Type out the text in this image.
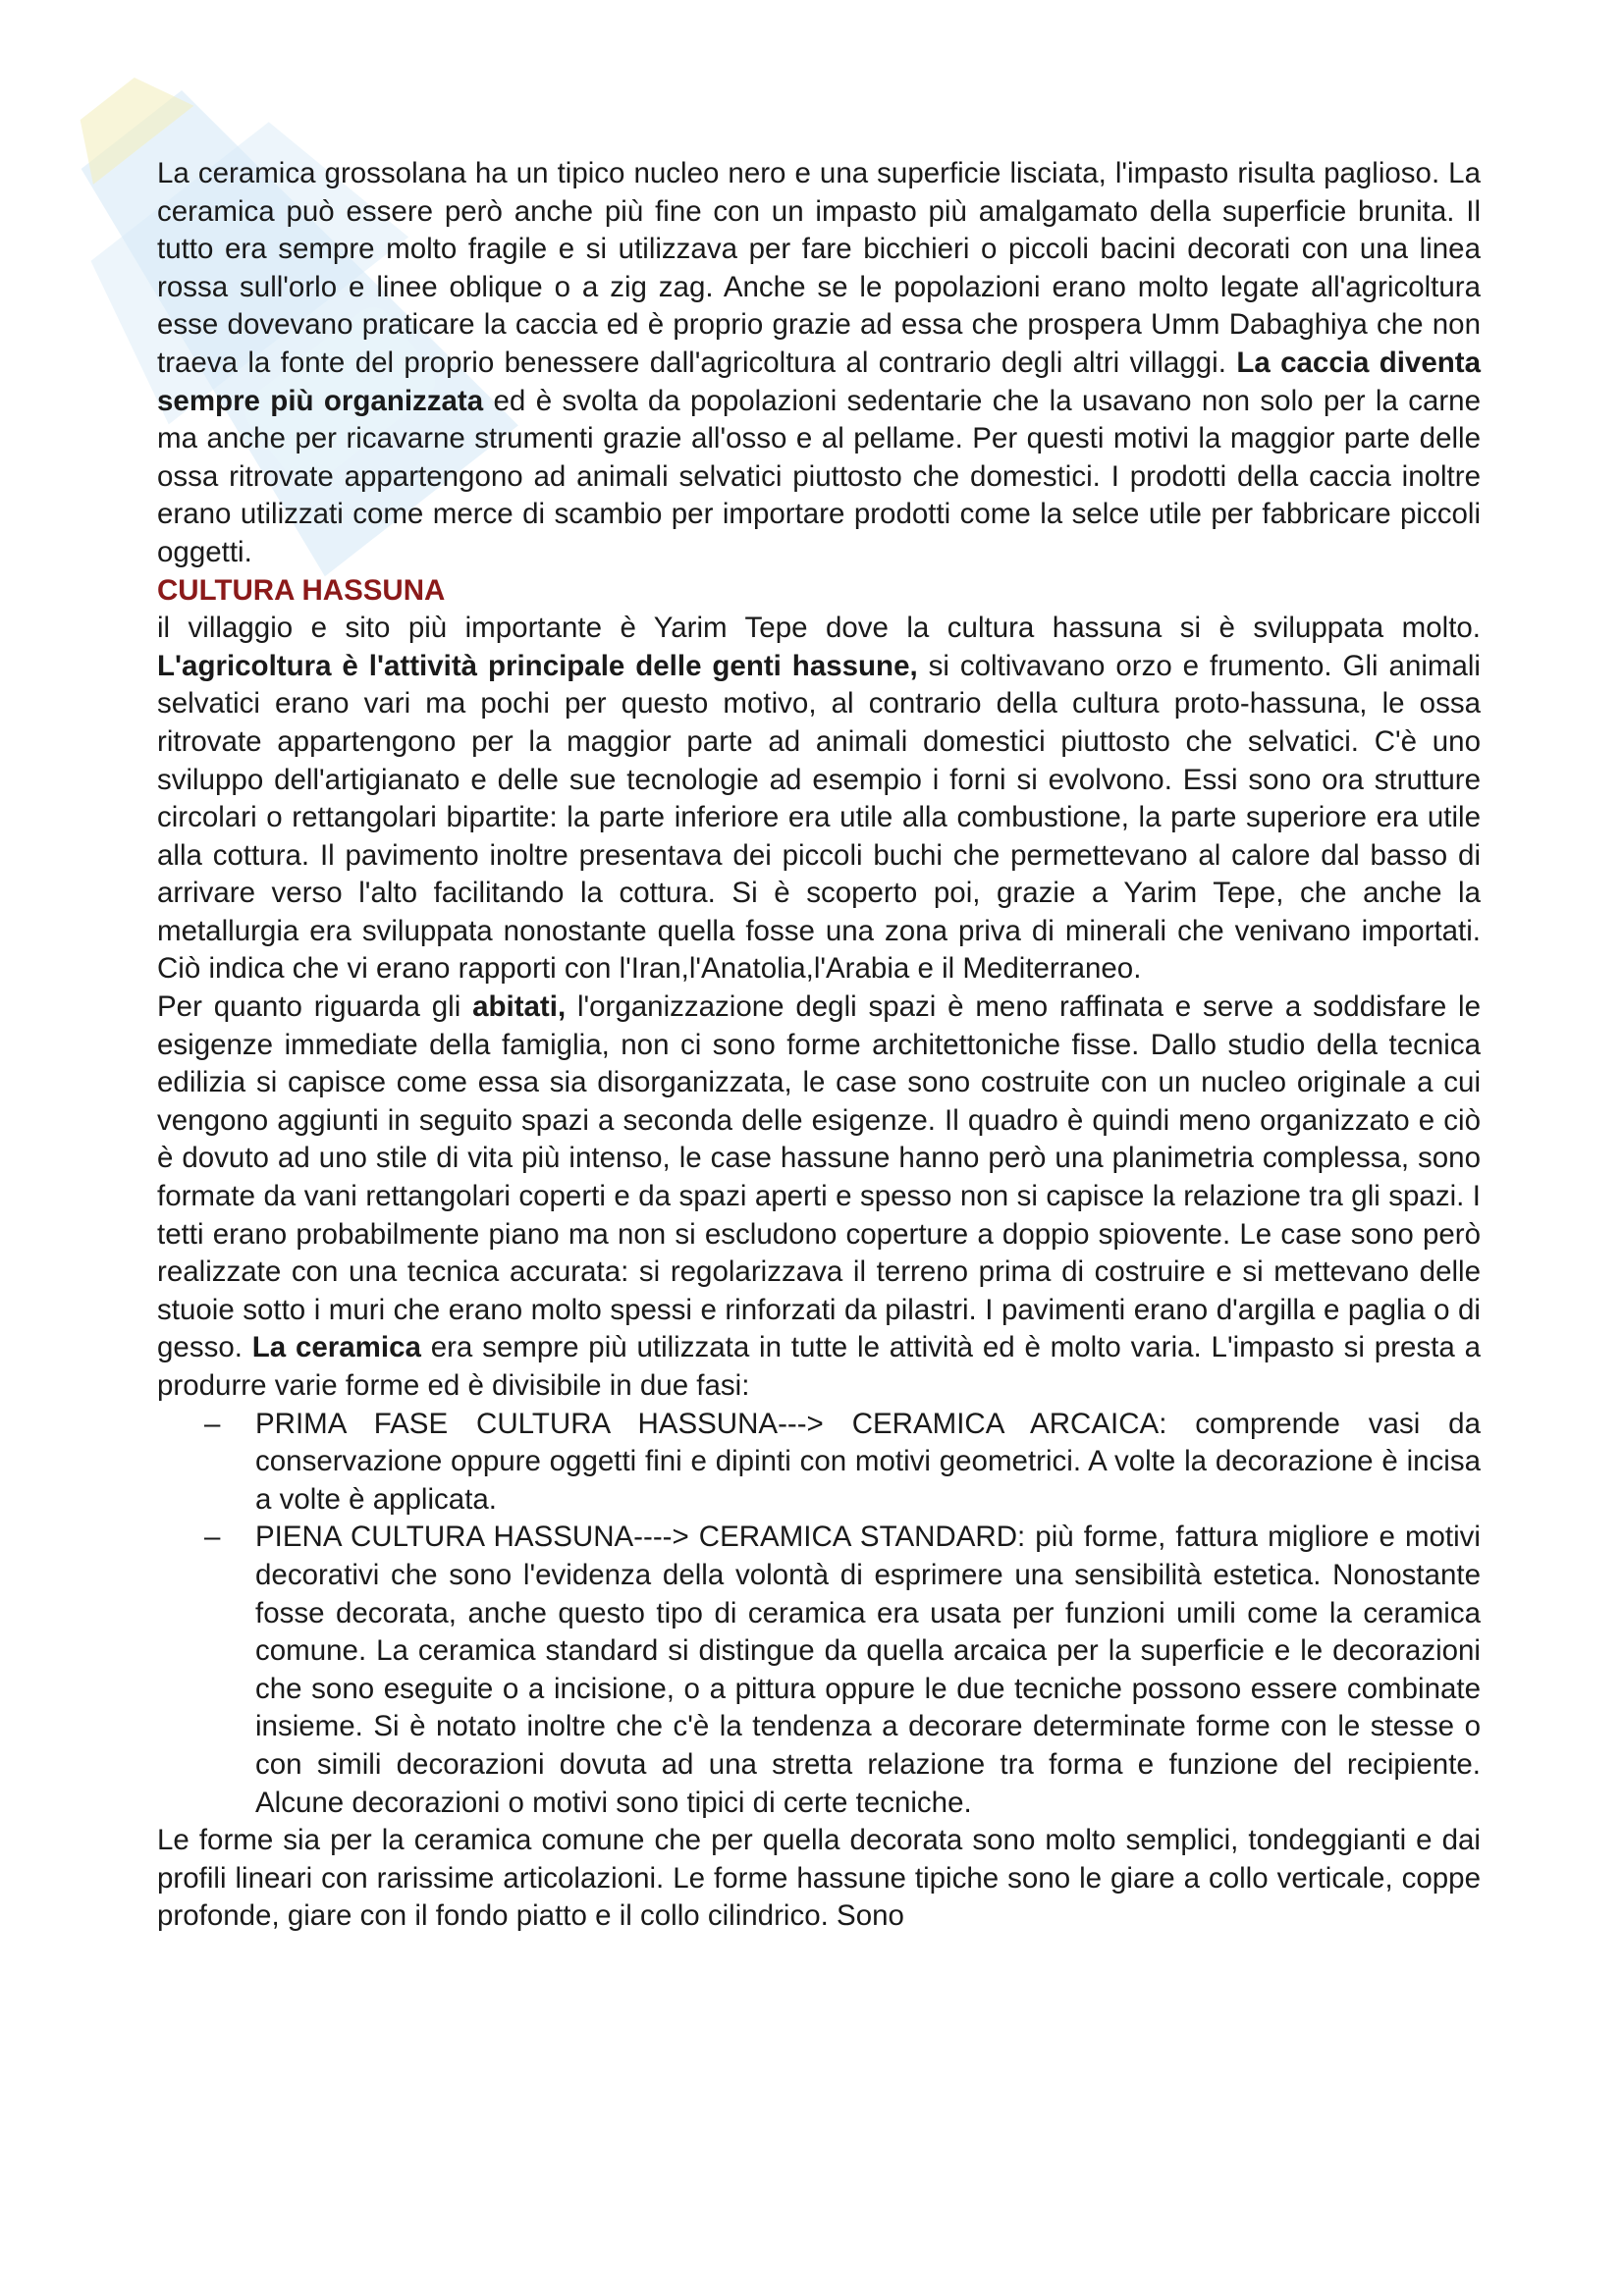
La ceramica grossolana ha un tipico nucleo nero e una superficie lisciata, l'impasto risulta paglioso. La ceramica può essere però anche più fine con un impasto più amalgamato della superficie brunita. Il tutto era sempre molto fragile e si utilizzava per fare bicchieri o piccoli bacini decorati con una linea rossa sull'orlo e linee oblique o a zig zag. Anche se le popolazioni erano molto legate all'agricoltura esse dovevano praticare la caccia ed è proprio grazie ad essa che prospera Umm Dabaghiya che non traeva la fonte del proprio benessere dall'agricoltura al contrario degli altri villaggi. La caccia diventa sempre più organizzata ed è svolta da popolazioni sedentarie che la usavano non solo per la carne ma anche per ricavarne strumenti grazie all'osso e al pellame. Per questi motivi la maggior parte delle ossa ritrovate appartengono ad animali selvatici piuttosto che domestici. I prodotti della caccia inoltre erano utilizzati come merce di scambio per importare prodotti come la selce utile per fabbricare piccoli oggetti.

CULTURA HASSUNA

il villaggio e sito più importante è Yarim Tepe dove la cultura hassuna si è sviluppata molto. L'agricoltura è l'attività principale delle genti hassune, si coltivavano orzo e frumento. Gli animali selvatici erano vari ma pochi per questo motivo, al contrario della cultura proto-hassuna, le ossa ritrovate appartengono per la maggior parte ad animali domestici piuttosto che selvatici. C'è uno sviluppo dell'artigianato e delle sue tecnologie ad esempio i forni si evolvono. Essi sono ora strutture circolari o rettangolari bipartite: la parte inferiore era utile alla combustione, la parte superiore era utile alla cottura. Il pavimento inoltre presentava dei piccoli buchi che permettevano al calore dal basso di arrivare verso l'alto facilitando la cottura. Si è scoperto poi, grazie a Yarim Tepe, che anche la metallurgia era sviluppata nonostante quella fosse una zona priva di minerali che venivano importati. Ciò indica che vi erano rapporti con l'Iran,l'Anatolia,l'Arabia e il Mediterraneo.

Per quanto riguarda gli abitati, l'organizzazione degli spazi è meno raffinata e serve a soddisfare le esigenze immediate della famiglia, non ci sono forme architettoniche fisse. Dallo studio della tecnica edilizia si capisce come essa sia disorganizzata, le case sono costruite con un nucleo originale a cui vengono aggiunti in seguito spazi a seconda delle esigenze. Il quadro è quindi meno organizzato e ciò è dovuto ad uno stile di vita più intenso, le case hassune hanno però una planimetria complessa, sono formate da vani rettangolari coperti e da spazi aperti e spesso non si capisce la relazione tra gli spazi. I tetti erano probabilmente piano ma non si escludono coperture a doppio spiovente. Le case sono però realizzate con una tecnica accurata: si regolarizzava il terreno prima di costruire e si mettevano delle stuoie sotto i muri che erano molto spessi e rinforzati da pilastri. I pavimenti erano d'argilla e paglia o di gesso. La ceramica era sempre più utilizzata in tutte le attività ed è molto varia. L'impasto si presta a produrre varie forme ed è divisibile in due fasi:

– PRIMA FASE CULTURA HASSUNA---> CERAMICA ARCAICA: comprende vasi da conservazione oppure oggetti fini e dipinti con motivi geometrici. A volte la decorazione è incisa a volte è applicata.
– PIENA CULTURA HASSUNA----> CERAMICA STANDARD: più forme, fattura migliore e motivi decorativi che sono l'evidenza della volontà di esprimere una sensibilità estetica. Nonostante fosse decorata, anche questo tipo di ceramica era usata per funzioni umili come la ceramica comune. La ceramica standard si distingue da quella arcaica per la superficie e le decorazioni che sono eseguite o a incisione, o a pittura oppure le due tecniche possono essere combinate insieme. Si è notato inoltre che c'è la tendenza a decorare determinate forme con le stesse o con simili decorazioni dovuta ad una stretta relazione tra forma e funzione del recipiente. Alcune decorazioni o motivi sono tipici di certe tecniche.

Le forme sia per la ceramica comune che per quella decorata sono molto semplici, tondeggianti e dai profili lineari con rarissime articolazioni. Le forme hassune tipiche sono le giare a collo verticale, coppe profonde, giare con il fondo piatto e il collo cilindrico. Sono
